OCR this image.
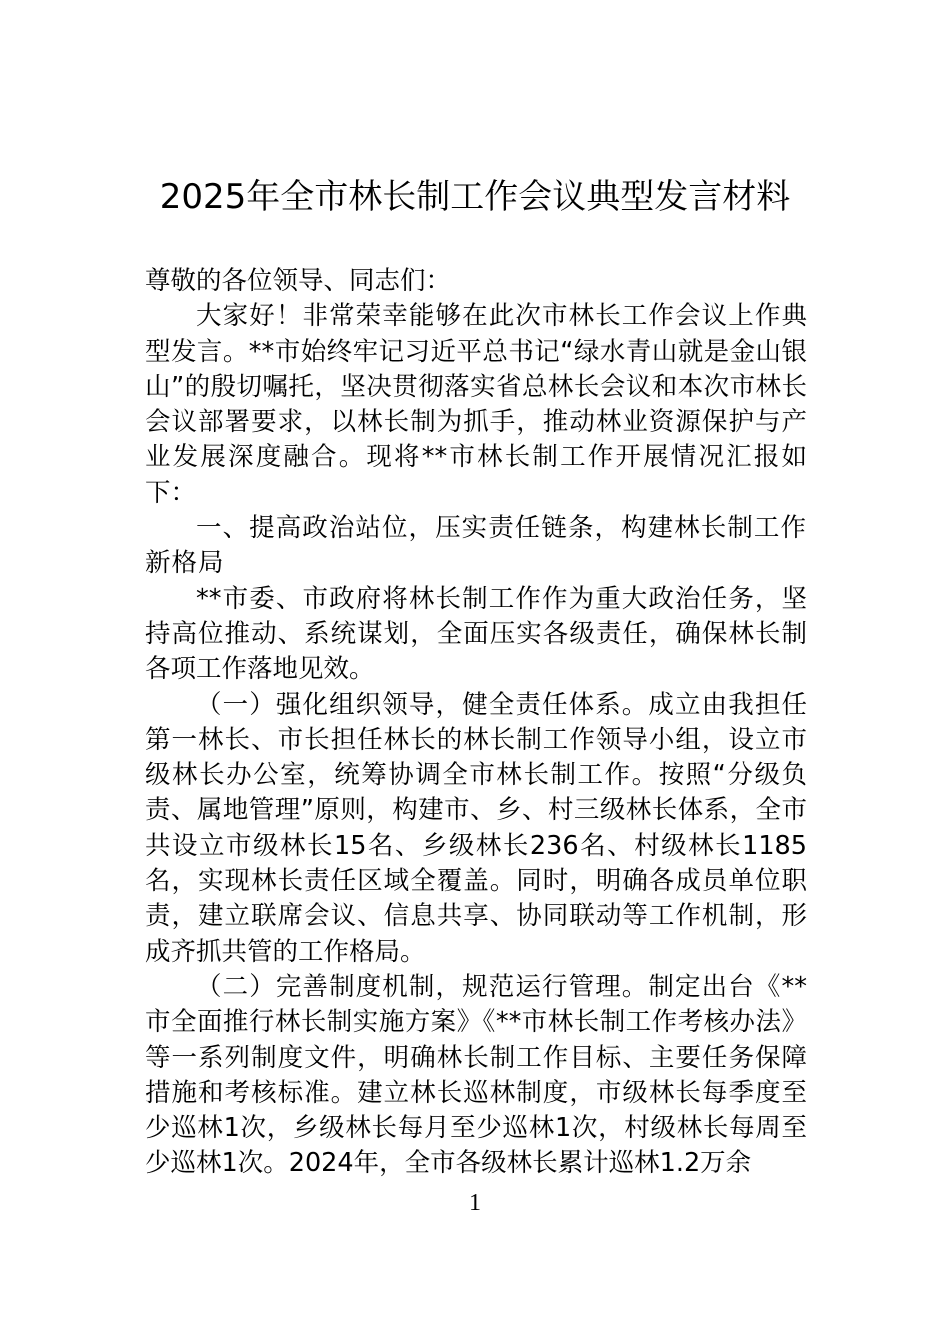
2025年全市林长制工作会议典型发言材料

尊敬的各位领导、同志们：

大家好！非常荣幸能够在此次市林长工作会议上作典型发言。**市始终牢记习近平总书记“绿水青山就是金山银山”的殷切嘱托，坚决贯彻落实省总林长会议和本次市林长会议部署要求，以林长制为抓手，推动林业资源保护与产业发展深度融合。现将**市林长制工作开展情况汇报如下：

一、提高政治站位，压实责任链条，构建林长制工作新格局

**市委、市政府将林长制工作作为重大政治任务，坚持高位推动、系统谋划，全面压实各级责任，确保林长制各项工作落地见效。

（一）强化组织领导，健全责任体系。成立由我担任第一林长、市长担任林长的林长制工作领导小组，设立市级林长办公室，统筹协调全市林长制工作。按照“分级负责、属地管理”原则，构建市、乡、村三级林长体系，全市共设立市级林长15名、乡级林长236名、村级林长1185名，实现林长责任区域全覆盖。同时，明确各成员单位职责，建立联席会议、信息共享、协同联动等工作机制，形成齐抓共管的工作格局。

（二）完善制度机制，规范运行管理。制定出台《**市全面推行林长制实施方案》《**市林长制工作考核办法》等一系列制度文件，明确林长制工作目标、主要任务保障措施和考核标准。建立林长巡林制度，市级林长每季度至少巡林1次，乡级林长每月至少巡林1次，村级林长每周至少巡林1次。2024年，全市各级林长累计巡林1.2万余

1
